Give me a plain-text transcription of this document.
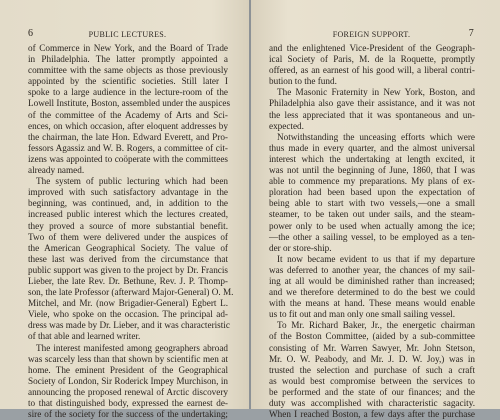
6	PUBLIC LECTURES.
of Commerce in New York, and the Board of Trade
in Philadelphia. The latter promptly appointed a
committee with the same objects as those previously
appointed by the scientific societies. Still later I
spoke to a large audience in the lecture-room of the
Lowell Institute, Boston, assembled under the auspices
of the committee of the Academy of Arts and Sci-
ences, on which occasion, after eloquent addresses by
the chairman, the late Hon. Edward Everett, and Pro-
fessors Agassiz and W. B. Rogers, a committee of cit-
izens was appointed to coöperate with the committees
already named.
The system of public lecturing which had been
improved with such satisfactory advantage in the
beginning, was continued, and, in addition to the
increased public interest which the lectures created,
they proved a source of more substantial benefit.
Two of them were delivered under the auspices of
the American Geographical Society. The value of
these last was derived from the circumstance that
public support was given to the project by Dr. Francis
Lieber, the late Rev. Dr. Bethune, Rev. J. P. Thomp-
son, the late Professor (afterward Major-General) O. M.
Mitchel, and Mr. (now Brigadier-General) Egbert L.
Viele, who spoke on the occasion. The principal ad-
dress was made by Dr. Lieber, and it was characteristic
of that able and learned writer.
The interest manifested among geographers abroad
was scarcely less than that shown by scientific men at
home. The eminent President of the Geographical
Society of London, Sir Roderick Impey Murchison, in
announcing the proposed renewal of Arctic discovery
to that distinguished body, expressed the earnest de-
sire of the society for the success of the undertaking;
FOREIGN SUPPORT.	7
and the enlightened Vice-President of the Geograph-
ical Society of Paris, M. de la Roquette, promptly
offered, as an earnest of his good will, a liberal contri-
bution to the fund.
The Masonic Fraternity in New York, Boston, and
Philadelphia also gave their assistance, and it was not
the less appreciated that it was spontaneous and un-
expected.
Notwithstanding the unceasing efforts which were
thus made in every quarter, and the almost universal
interest which the undertaking at length excited, it
was not until the beginning of June, 1860, that I was
able to commence my preparations. My plans of ex-
ploration had been based upon the expectation of
being able to start with two vessels,—one a small
steamer, to be taken out under sails, and the steam-
power only to be used when actually among the ice;
—the other a sailing vessel, to be employed as a ten-
der or store-ship.
It now became evident to us that if my departure
was deferred to another year, the chances of my sail-
ing at all would be diminished rather than increased;
and we therefore determined to do the best we could
with the means at hand. These means would enable
us to fit out and man only one small sailing vessel.
To Mr. Richard Baker, Jr., the energetic chairman
of the Boston Committee, (aided by a sub-committee
consisting of Mr. Warren Sawyer, Mr. John Stetson,
Mr. O. W. Peabody, and Mr. J. D. W. Joy,) was in
trusted the selection and purchase of such a craft
as would best compromise between the services to
be performed and the state of our finances; and the
duty was accomplished with characteristic sagacity.
When I reached Boston, a few days after the purchase
